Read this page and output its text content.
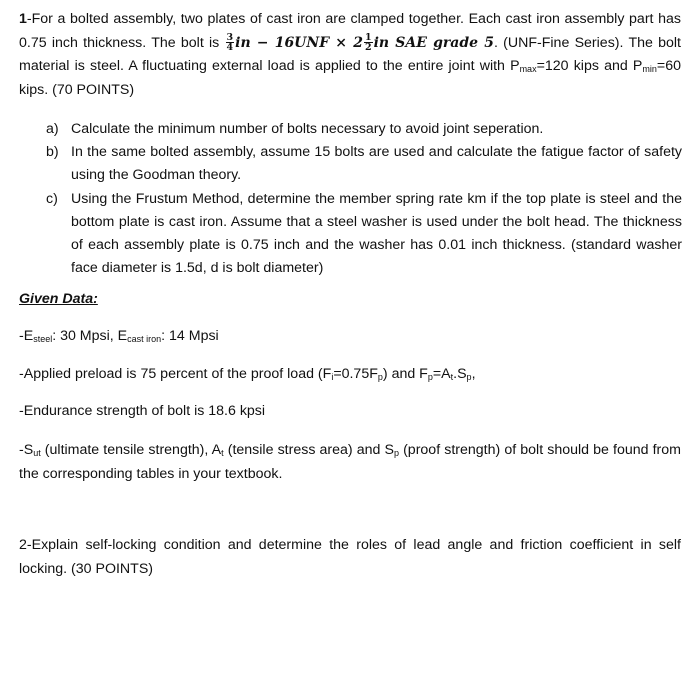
1-For a bolted assembly, two plates of cast iron are clamped together. Each cast iron assembly part has 0.75 inch thickness. The bolt is $\frac{3}{4}$ in − $16UNF \times 2 \frac{1}{2}$ in SAE grade 5. (UNF-Fine Series). The bolt material is steel. A fluctuating external load is applied to the entire joint with $P_{max}=120$ kips and $P_{min}=60$ kips. (70 POINTS)
a) Calculate the minimum number of bolts necessary to avoid joint seperation.
b) In the same bolted assembly, assume 15 bolts are used and calculate the fatigue factor of safety using the Goodman theory.
c) Using the Frustum Method, determine the member spring rate km if the top plate is steel and the bottom plate is cast iron. Assume that a steel washer is used under the bolt head. The thickness of each assembly plate is 0.75 inch and the washer has 0.01 inch thickness. (standard washer face diameter is 1.5d, d is bolt diameter)
Given Data:
$-E_{steel}$: 30 Mpsi, $E_{cast iron}$: 14 Mpsi
-Applied preload is 75 percent of the proof load $(F_i=0.75F_p)$ and $F_p=A_t.S_p$,
-Endurance strength of bolt is 18.6 kpsi
$-S_{ut}$ (ultimate tensile strength), $A_t$ (tensile stress area) and $S_p$ (proof strength) of bolt should be found from the corresponding tables in your textbook.
2-Explain self-locking condition and determine the roles of lead angle and friction coefficient in self locking. (30 POINTS)
